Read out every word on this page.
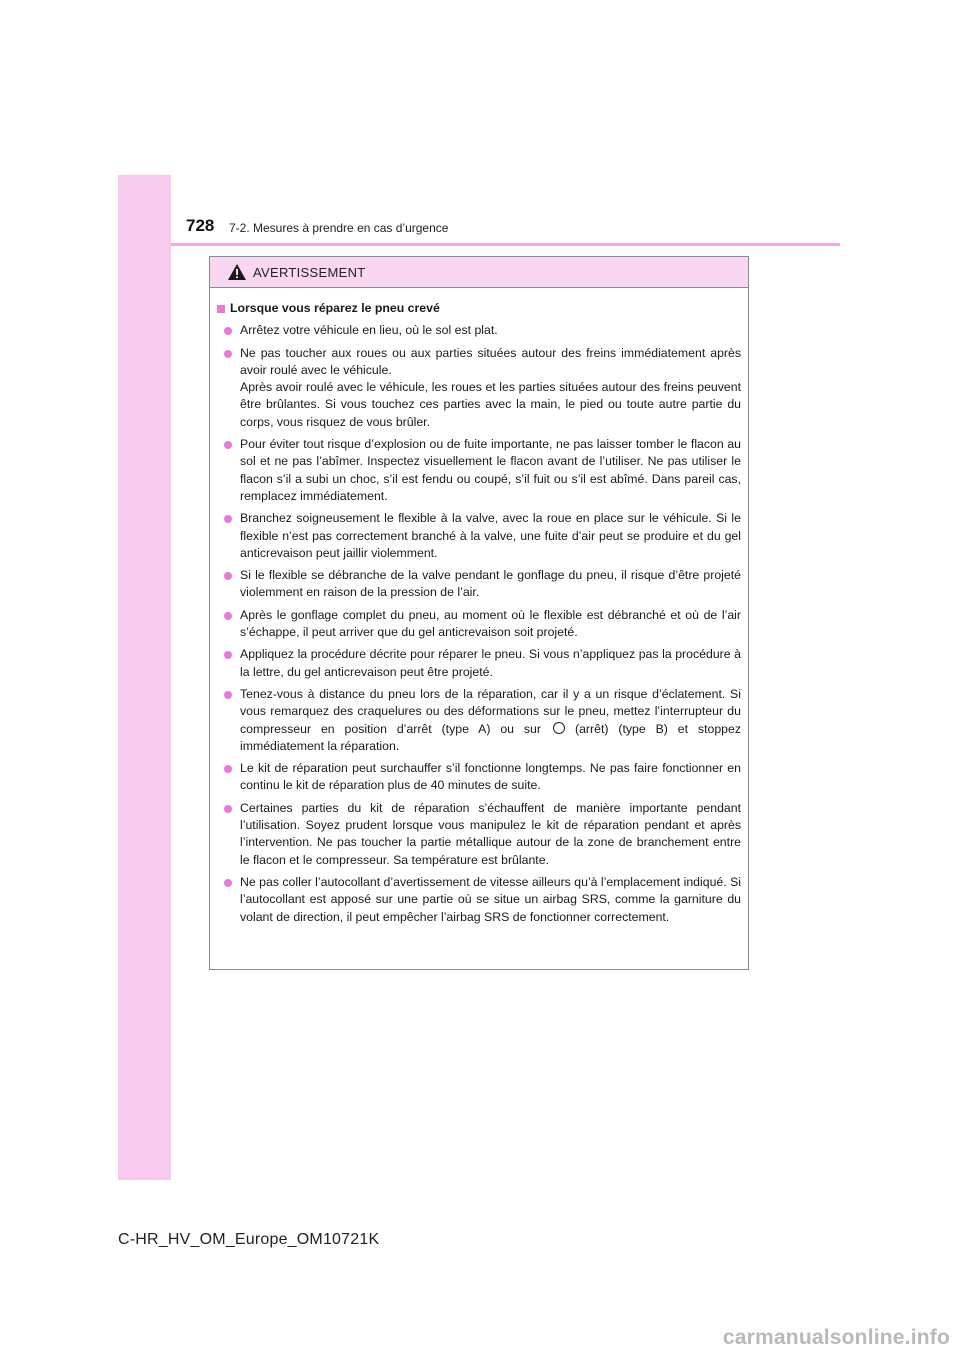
728 7-2. Mesures à prendre en cas d’urgence
AVERTISSEMENT
Lorsque vous réparez le pneu crevé
Arrêtez votre véhicule en lieu, où le sol est plat.
Ne pas toucher aux roues ou aux parties situées autour des freins immédiatement après avoir roulé avec le véhicule.
Après avoir roulé avec le véhicule, les roues et les parties situées autour des freins peuvent être brûlantes. Si vous touchez ces parties avec la main, le pied ou toute autre partie du corps, vous risquez de vous brûler.
Pour éviter tout risque d’explosion ou de fuite importante, ne pas laisser tomber le flacon au sol et ne pas l’abîmer. Inspectez visuellement le flacon avant de l’utiliser. Ne pas utiliser le flacon s’il a subi un choc, s’il est fendu ou coupé, s’il fuit ou s’il est abîmé. Dans pareil cas, remplacez immédiatement.
Branchez soigneusement le flexible à la valve, avec la roue en place sur le véhicule. Si le flexible n’est pas correctement branché à la valve, une fuite d’air peut se produire et du gel anticrevaison peut jaillir violemment.
Si le flexible se débranche de la valve pendant le gonflage du pneu, il risque d’être projeté violemment en raison de la pression de l’air.
Après le gonflage complet du pneu, au moment où le flexible est débranché et où de l’air s’échappe, il peut arriver que du gel anticrevaison soit projeté.
Appliquez la procédure décrite pour réparer le pneu. Si vous n’appliquez pas la procédure à la lettre, du gel anticrevaison peut être projeté.
Tenez-vous à distance du pneu lors de la réparation, car il y a un risque d’éclatement. Si vous remarquez des craquelures ou des déformations sur le pneu, mettez l’interrupteur du compresseur en position d’arrêt (type A) ou sur	(arrêt) (type B) et stoppez immédiatement la réparation.
Le kit de réparation peut surchauffer s’il fonctionne longtemps. Ne pas faire fonctionner en continu le kit de réparation plus de 40 minutes de suite.
Certaines parties du kit de réparation s’échauffent de manière importante pendant l’utilisation. Soyez prudent lorsque vous manipulez le kit de réparation pendant et après l’intervention. Ne pas toucher la partie métallique autour de la zone de branchement entre le flacon et le compresseur. Sa température est brûlante.
Ne pas coller l’autocollant d’avertissement de vitesse ailleurs qu’à l’emplacement indiqué. Si l’autocollant est apposé sur une partie où se situe un airbag SRS, comme la garniture du volant de direction, il peut empêcher l’airbag SRS de fonctionner correctement.
C-HR_HV_OM_Europe_OM10721K
carmanualsonline.info
